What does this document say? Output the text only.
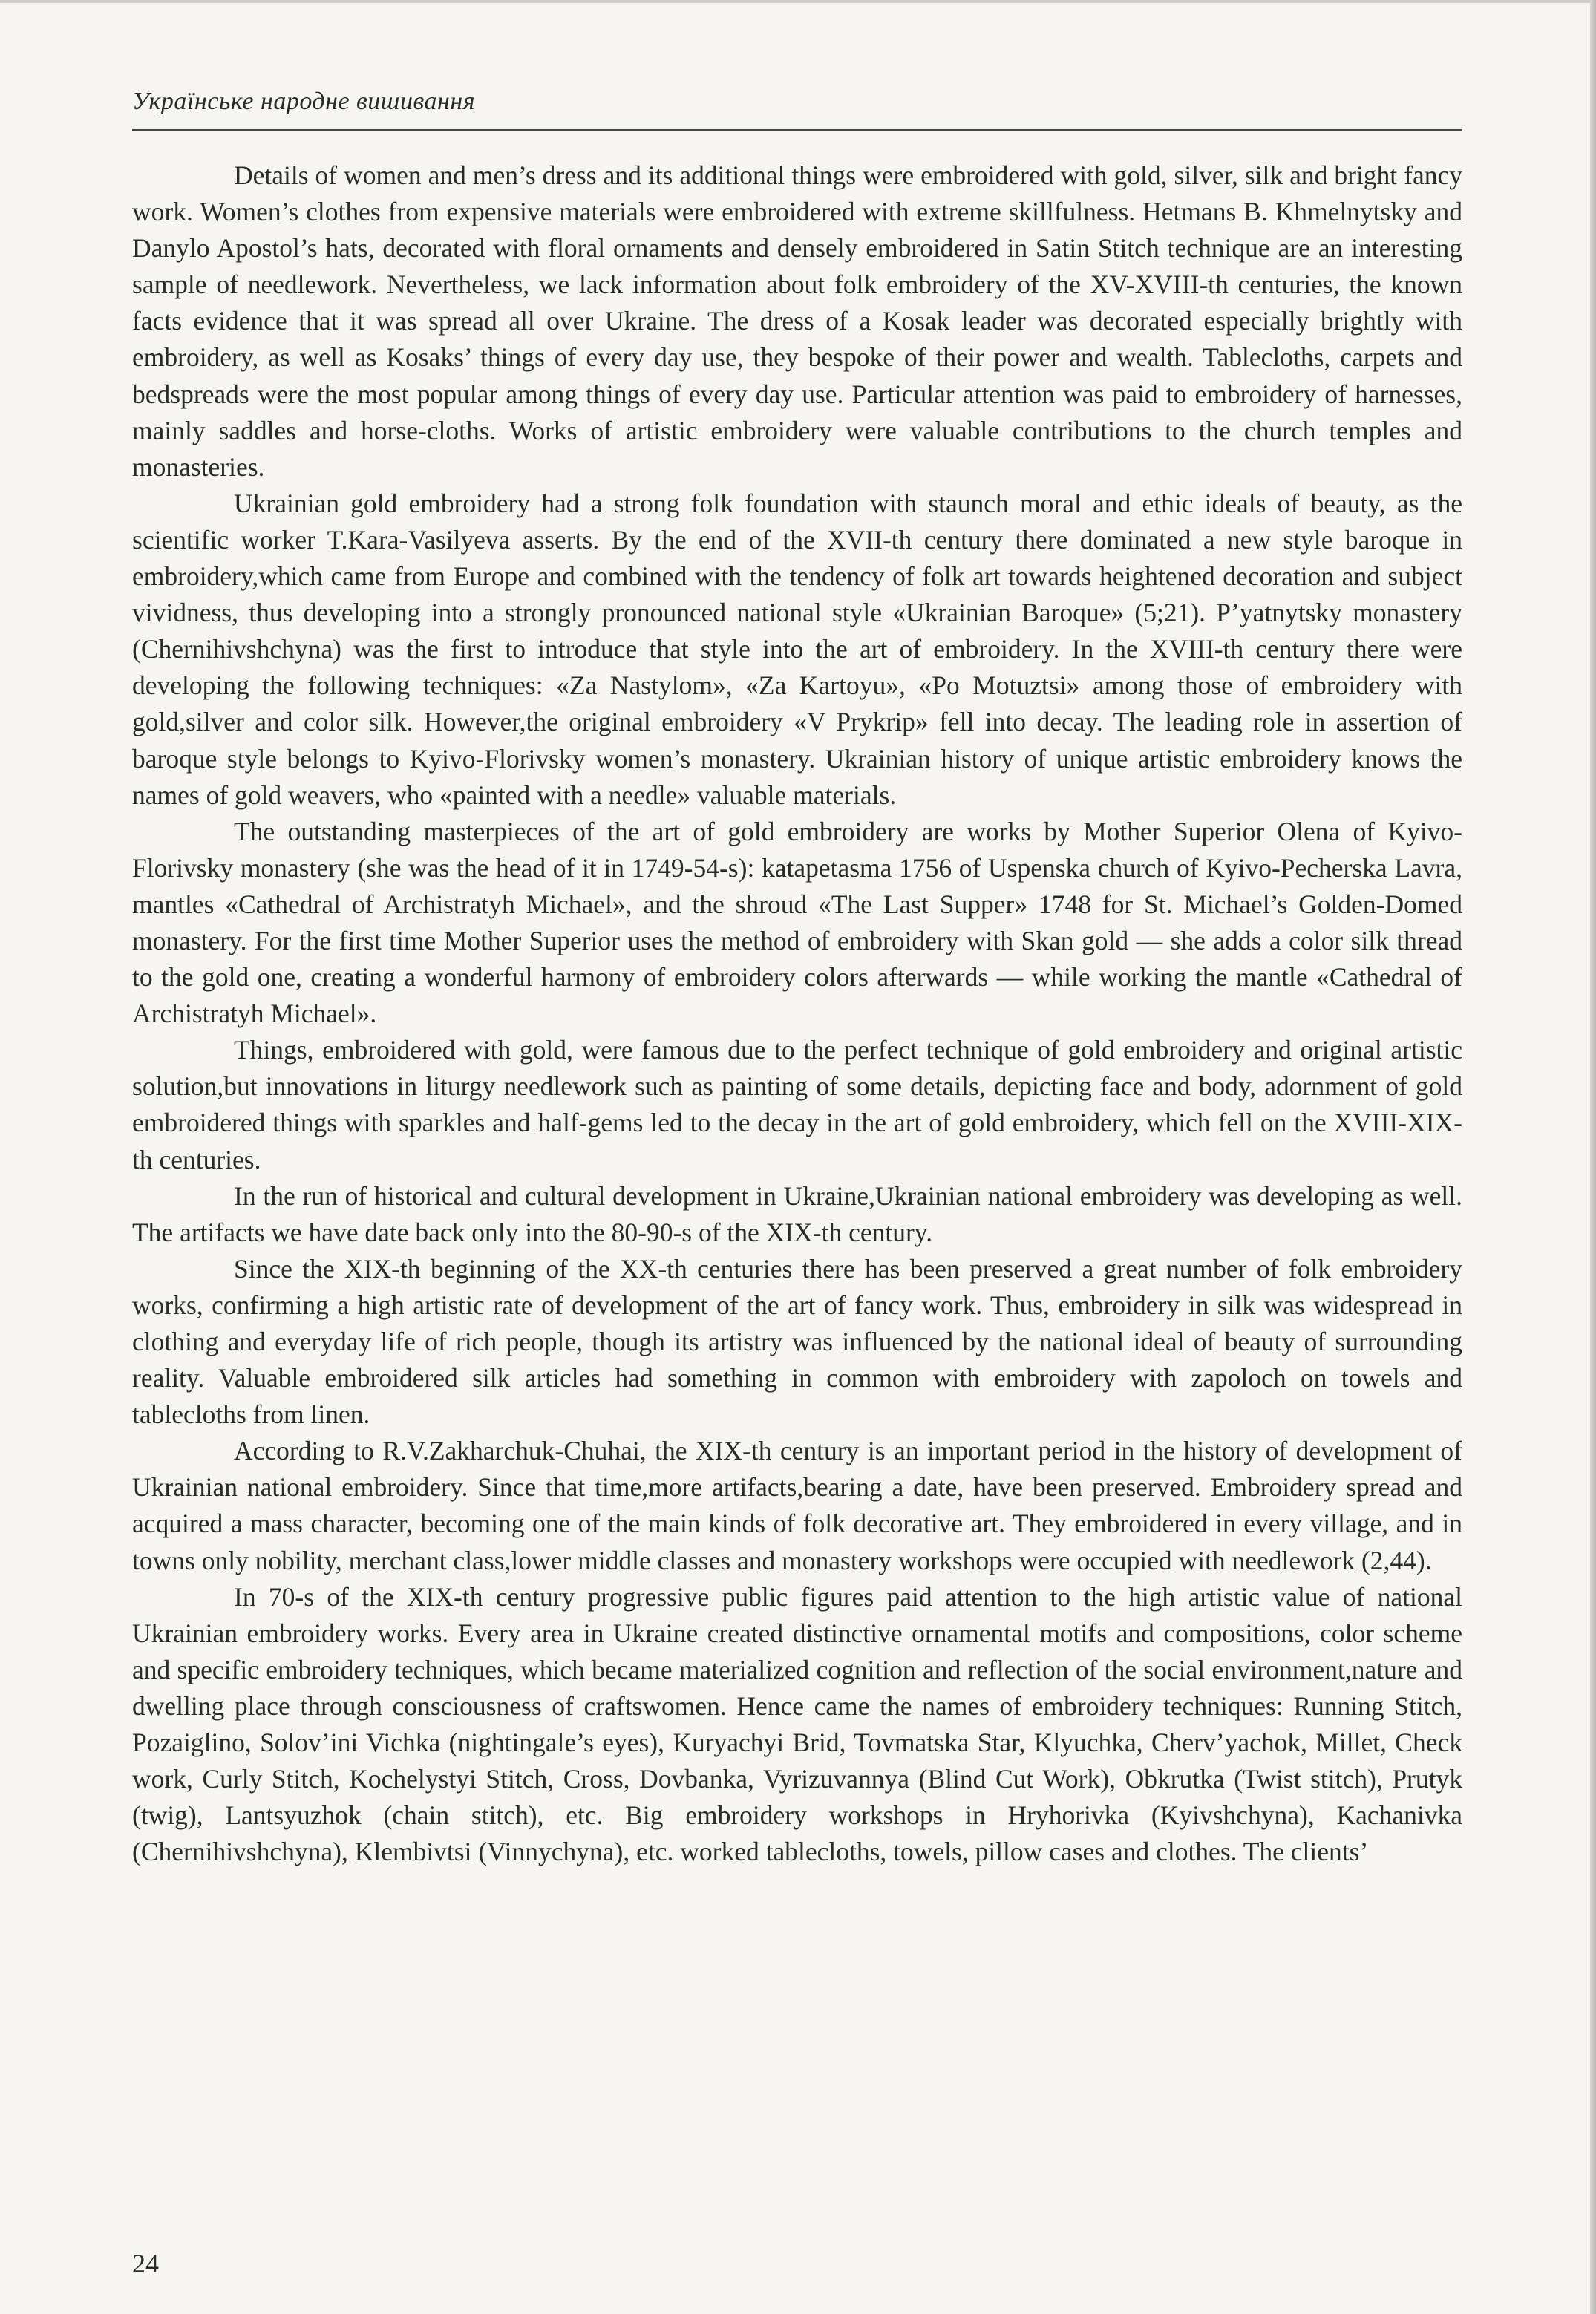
Українське народне вишивання

Details of women and men’s dress and its additional things were embroidered with gold, silver, silk and bright fancy work. Women’s clothes from expensive materials were embroidered with extreme skillfulness. Hetmans B. Khmelnytsky and Danylo Apostol’s hats, decorated with floral ornaments and densely embroidered in Satin Stitch technique are an interesting sample of needlework. Nevertheless, we lack information about folk embroidery of the XV-XVIII-th centuries, the known facts evidence that it was spread all over Ukraine. The dress of a Kosak leader was decorated especially brightly with embroidery, as well as Kosaks’ things of every day use, they bespoke of their power and wealth. Tablecloths, carpets and bedspreads were the most popular among things of every day use. Particular attention was paid to embroidery of harnesses, mainly saddles and horse-cloths. Works of artistic embroidery were valuable contributions to the church temples and monasteries.

Ukrainian gold embroidery had a strong folk foundation with staunch moral and ethic ideals of beauty, as the scientific worker T.Kara-Vasilyeva asserts. By the end of the XVII-th century there dominated a new style baroque in embroidery,which came from Europe and combined with the tendency of folk art towards heightened decoration and subject vividness, thus developing into a strongly pronounced national style «Ukrainian Baroque» (5;21). P’yatnytsky monastery (Chernihivshchyna) was the first to introduce that style into the art of embroidery. In the XVIII-th century there were developing the following techniques: «Za Nastylom», «Za Kartoyu», «Po Motuztsi» among those of embroidery with gold,silver and color silk. However,the original embroidery «V Prykrip» fell into decay. The leading role in assertion of baroque style belongs to Kyivo-Florivsky women’s monastery. Ukrainian history of unique artistic embroidery knows the names of gold weavers, who «painted with a needle» valuable materials.

The outstanding masterpieces of the art of gold embroidery are works by Mother Superior Olena of Kyivo-Florivsky monastery (she was the head of it in 1749-54-s): katapetasma 1756 of Uspenska church of Kyivo-Pecherska Lavra, mantles «Cathedral of Archistratyh Michael», and the shroud «The Last Supper» 1748 for St. Michael’s Golden-Domed monastery. For the first time Mother Superior uses the method of embroidery with Skan gold — she adds a color silk thread to the gold one, creating a wonderful harmony of embroidery colors afterwards — while working the mantle «Cathedral of Archistratyh Michael».

Things, embroidered with gold, were famous due to the perfect technique of gold embroidery and original artistic solution,but innovations in liturgy needlework such as painting of some details, depicting face and body, adornment of gold embroidered things with sparkles and half-gems led to the decay in the art of gold embroidery, which fell on the XVIII-XIX-th centuries.

In the run of historical and cultural development in Ukraine,Ukrainian national embroidery was developing as well. The artifacts we have date back only into the 80-90-s of the XIX-th century.

Since the XIX-th beginning of the XX-th centuries there has been preserved a great number of folk embroidery works, confirming a high artistic rate of development of the art of fancy work. Thus, embroidery in silk was widespread in clothing and everyday life of rich people, though its artistry was influenced by the national ideal of beauty of surrounding reality. Valuable embroidered silk articles had something in common with embroidery with zapoloch on towels and tablecloths from linen.

According to R.V.Zakharchuk-Chuhai, the XIX-th century is an important period in the history of development of Ukrainian national embroidery. Since that time,more artifacts,bearing a date, have been preserved. Embroidery spread and acquired a mass character, becoming one of the main kinds of folk decorative art. They embroidered in every village, and in towns only nobility, merchant class,lower middle classes and monastery workshops were occupied with needlework (2,44).

In 70-s of the XIX-th century progressive public figures paid attention to the high artistic value of national Ukrainian embroidery works. Every area in Ukraine created distinctive ornamental motifs and compositions, color scheme and specific embroidery techniques, which became materialized cognition and reflection of the social environment,nature and dwelling place through consciousness of craftswomen. Hence came the names of embroidery techniques: Running Stitch, Pozaiglino, Solov’ini Vichka (nightingale’s eyes), Kuryachyi Brid, Tovmatska Star, Klyuchka, Cherv’yachok, Millet, Check work, Curly Stitch, Kochelystyi Stitch, Cross, Dovbanka, Vyrizuvannya (Blind Cut Work), Obkrutka (Twist stitch), Prutyk (twig), Lantsyuzhok (chain stitch), etc. Big embroidery workshops in Hryhorivka (Kyivshchyna), Kachanivka (Chernihivshchyna), Klembivtsi (Vinnychyna), etc. worked tablecloths, towels, pillow cases and clothes. The clients’

24
